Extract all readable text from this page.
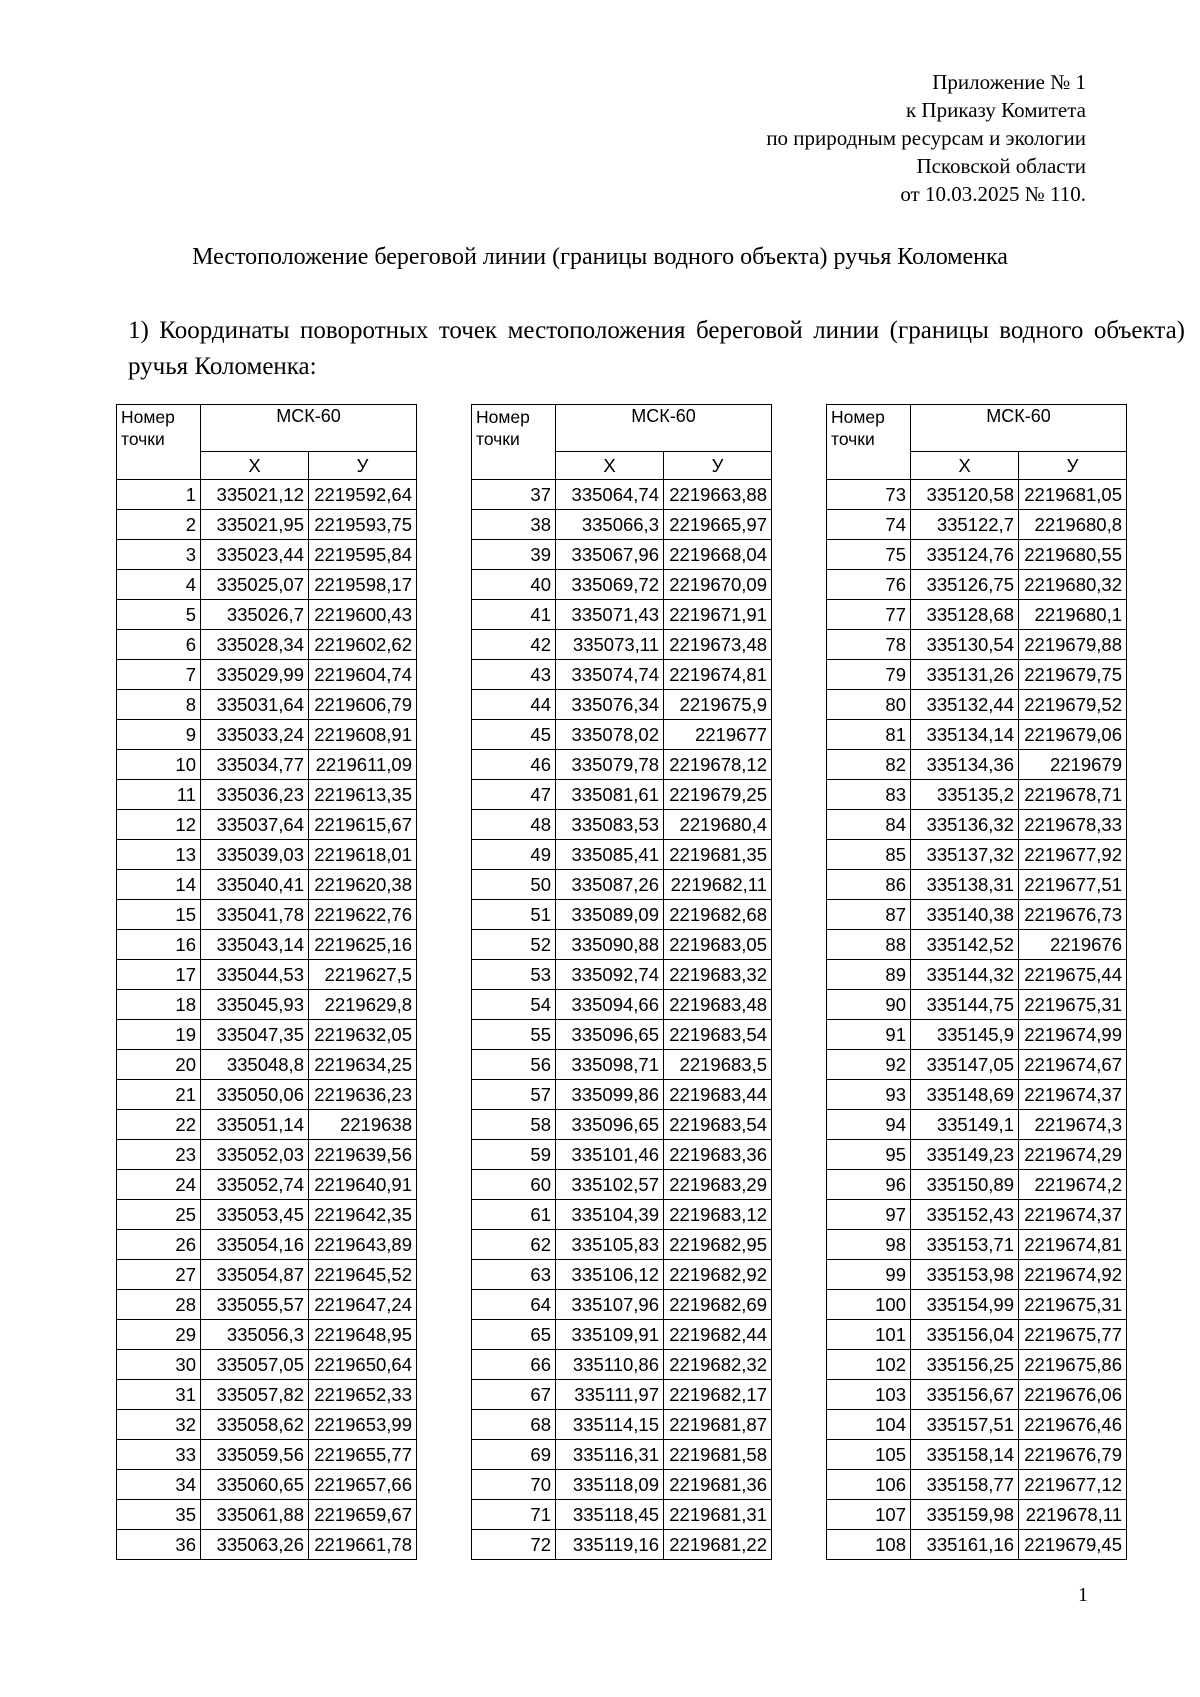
Приложение № 1
к Приказу Комитета
по природным ресурсам и экологии
Псковской области
от 10.03.2025 № 110.
Местоположение береговой линии (границы водного объекта) ручья Коломенка
1) Координаты поворотных точек местоположения береговой линии (границы водного объекта) ручья Коломенка:
Номер точки	МСК-60	
	X	У
1	335021,12	2219592,64
2	335021,95	2219593,75
3	335023,44	2219595,84
4	335025,07	2219598,17
5	335026,7	2219600,43
6	335028,34	2219602,62
7	335029,99	2219604,74
8	335031,64	2219606,79
9	335033,24	2219608,91
10	335034,77	2219611,09
11	335036,23	2219613,35
12	335037,64	2219615,67
13	335039,03	2219618,01
14	335040,41	2219620,38
15	335041,78	2219622,76
16	335043,14	2219625,16
17	335044,53	2219627,5
18	335045,93	2219629,8
19	335047,35	2219632,05
20	335048,8	2219634,25
21	335050,06	2219636,23
22	335051,14	2219638
23	335052,03	2219639,56
24	335052,74	2219640,91
25	335053,45	2219642,35
26	335054,16	2219643,89
27	335054,87	2219645,52
28	335055,57	2219647,24
29	335056,3	2219648,95
30	335057,05	2219650,64
31	335057,82	2219652,33
32	335058,62	2219653,99
33	335059,56	2219655,77
34	335060,65	2219657,66
35	335061,88	2219659,67
36	335063,26	2219661,78
Номер точки	МСК-60	
	X	У
37	335064,74	2219663,88
38	335066,3	2219665,97
39	335067,96	2219668,04
40	335069,72	2219670,09
41	335071,43	2219671,91
42	335073,11	2219673,48
43	335074,74	2219674,81
44	335076,34	2219675,9
45	335078,02	2219677
46	335079,78	2219678,12
47	335081,61	2219679,25
48	335083,53	2219680,4
49	335085,41	2219681,35
50	335087,26	2219682,11
51	335089,09	2219682,68
52	335090,88	2219683,05
53	335092,74	2219683,32
54	335094,66	2219683,48
55	335096,65	2219683,54
56	335098,71	2219683,5
57	335099,86	2219683,44
58	335096,65	2219683,54
59	335101,46	2219683,36
60	335102,57	2219683,29
61	335104,39	2219683,12
62	335105,83	2219682,95
63	335106,12	2219682,92
64	335107,96	2219682,69
65	335109,91	2219682,44
66	335110,86	2219682,32
67	335111,97	2219682,17
68	335114,15	2219681,87
69	335116,31	2219681,58
70	335118,09	2219681,36
71	335118,45	2219681,31
72	335119,16	2219681,22
Номер точки	МСК-60	
	X	У
73	335120,58	2219681,05
74	335122,7	2219680,8
75	335124,76	2219680,55
76	335126,75	2219680,32
77	335128,68	2219680,1
78	335130,54	2219679,88
79	335131,26	2219679,75
80	335132,44	2219679,52
81	335134,14	2219679,06
82	335134,36	2219679
83	335135,2	2219678,71
84	335136,32	2219678,33
85	335137,32	2219677,92
86	335138,31	2219677,51
87	335140,38	2219676,73
88	335142,52	2219676
89	335144,32	2219675,44
90	335144,75	2219675,31
91	335145,9	2219674,99
92	335147,05	2219674,67
93	335148,69	2219674,37
94	335149,1	2219674,3
95	335149,23	2219674,29
96	335150,89	2219674,2
97	335152,43	2219674,37
98	335153,71	2219674,81
99	335153,98	2219674,92
100	335154,99	2219675,31
101	335156,04	2219675,77
102	335156,25	2219675,86
103	335156,67	2219676,06
104	335157,51	2219676,46
105	335158,14	2219676,79
106	335158,77	2219677,12
107	335159,98	2219678,11
108	335161,16	2219679,45
1
